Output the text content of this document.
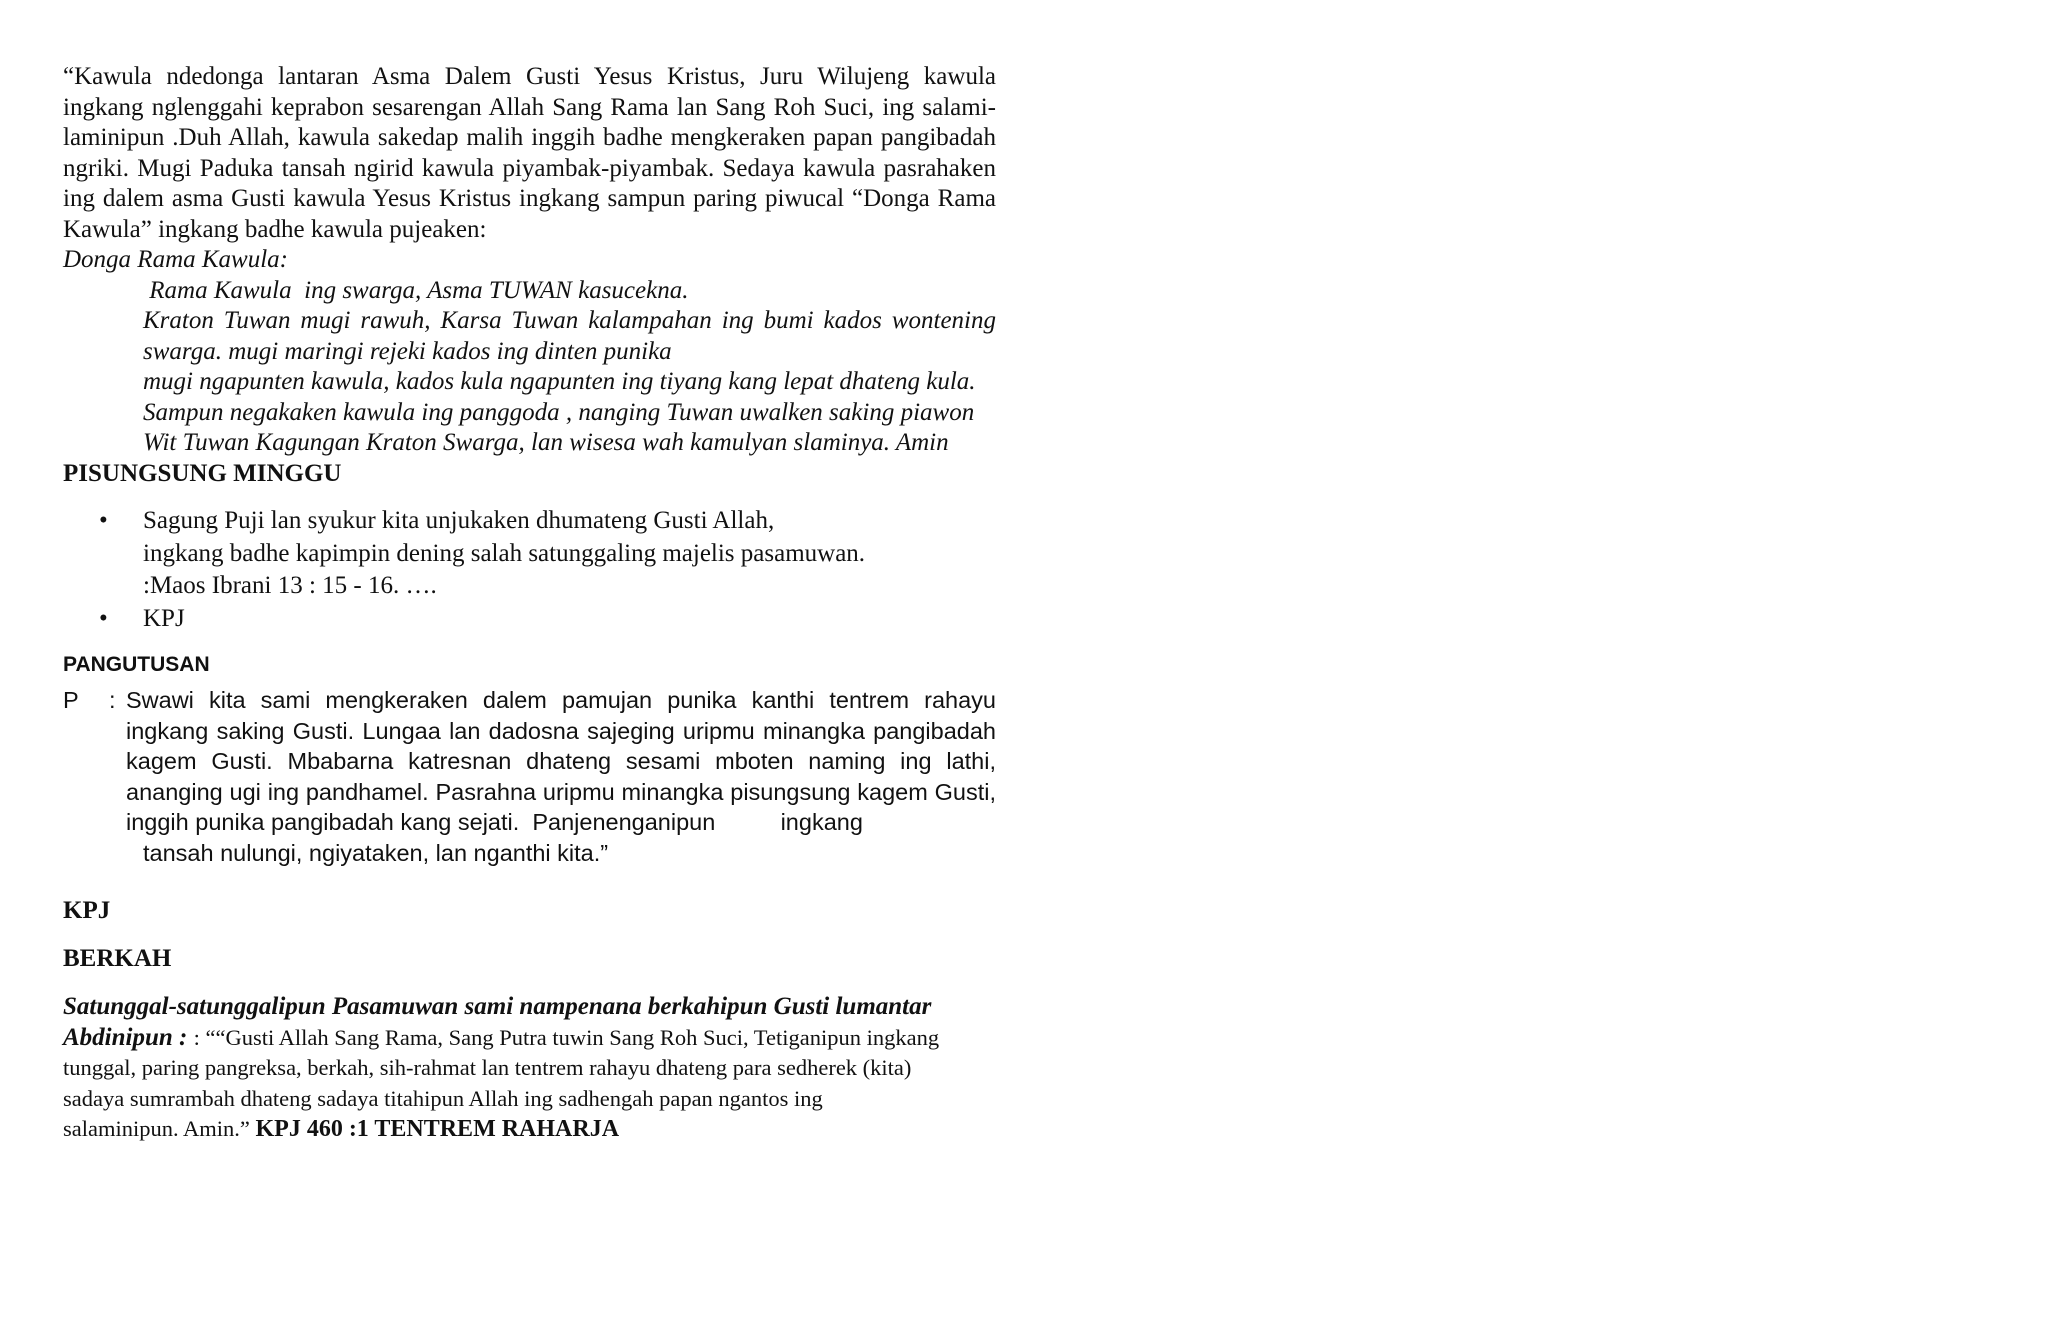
“Kawula ndedonga lantaran Asma Dalem Gusti Yesus Kristus, Juru Wilujeng kawula ingkang nglenggahi keprabon sesarengan Allah Sang Rama lan Sang Roh Suci, ing salami-laminipun .Duh Allah, kawula sakedap malih inggih badhe mengkeraken papan pangibadah ngriki. Mugi Paduka tansah ngirid kawula piyambak-piyambak. Sedaya kawula pasrahaken ing dalem asma Gusti kawula Yesus Kristus ingkang sampun paring piwucal “Donga Rama Kawula” ingkang badhe kawula pujeaken:

Donga Rama Kawula:
Rama Kawula  ing swarga, Asma TUWAN kasucekna.
Kraton Tuwan mugi rawuh, Karsa Tuwan kalampahan ing bumi kados wontening swarga. mugi maringi rejeki kados ing dinten punika
mugi ngapunten kawula, kados kula ngapunten ing tiyang kang lepat dhateng kula.
Sampun negakaken kawula ing panggoda , nanging Tuwan uwalken saking piawon
Wit Tuwan Kagungan Kraton Swarga, lan wisesa wah kamulyan slaminya. Amin
PISUNGSUNG MINGGU
• Sagung Puji lan syukur kita unjukaken dhumateng Gusti Allah,
ingkang badhe kapimpin dening salah satunggaling majelis pasamuwan.
:Maos Ibrani 13 : 15 - 16. ….
• KPJ
PANGUTUSAN
P : Swawi kita sami mengkeraken dalem pamujan punika kanthi tentrem rahayu ingkang saking Gusti. Lungaa lan dadosna sajeging uripmu minangka pangibadah kagem Gusti. Mbabarna katresnan dhateng sesami mboten naming ing lathi, ananging ugi ing pandhamel. Pasrahna uripmu minangka pisungsung kagem Gusti, inggih punika pangibadah kang sejati.  Panjenenganipun          ingkang
tansah nulungi, ngiyataken, lan nganthi kita.”
KPJ
BERKAH

Satunggal-satunggalipun Pasamuwan sami nampenana berkahipun Gusti lumantar Abdinipun : : ““Gusti Allah Sang Rama, Sang Putra tuwin Sang Roh Suci, Tetiganipun ingkang tunggal, paring pangreksa, berkah, sih-rahmat lan tentrem rahayu dhateng para sedherek (kita) sadaya sumrambah dhateng sadaya titahipun Allah ing sadhengah papan ngantos ing salaminipun. Amin.” KPJ 460 :1 TENTREM RAHARJA
